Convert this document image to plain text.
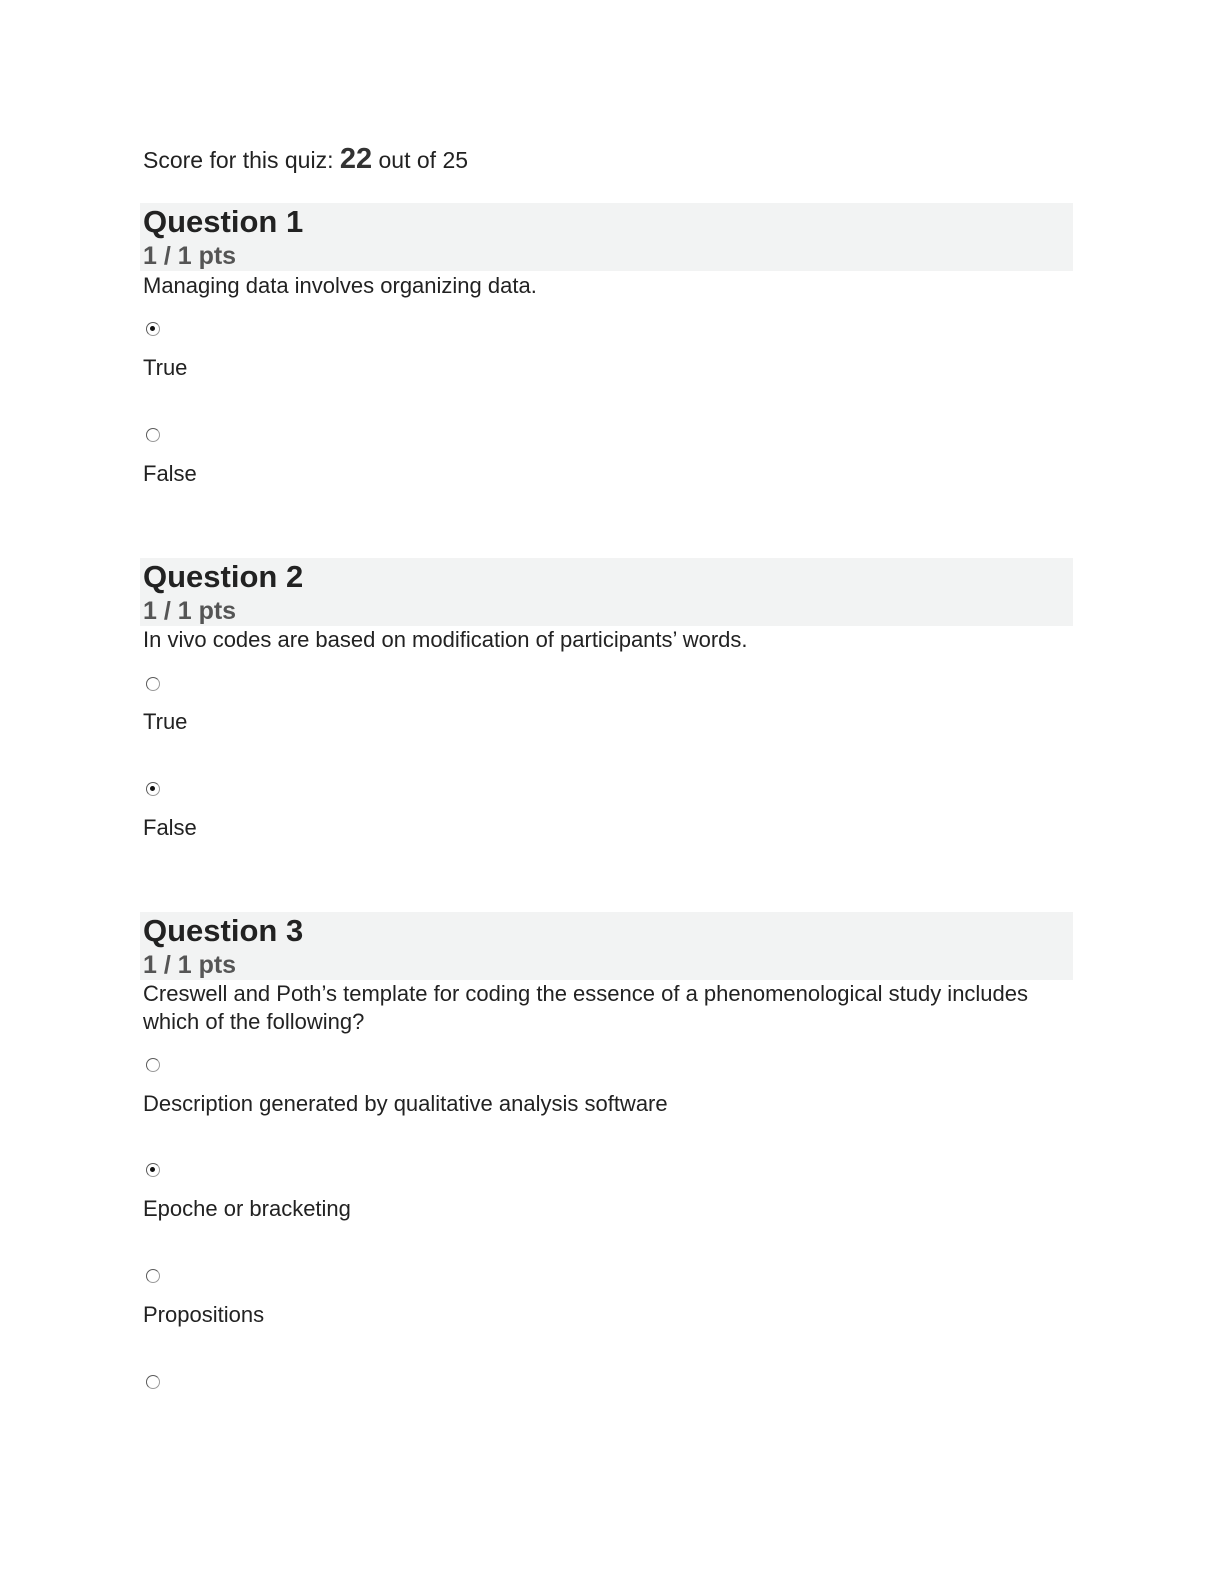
Score for this quiz: 22 out of 25
Question 1
1 / 1 pts
Managing data involves organizing data.
True
False
Question 2
1 / 1 pts
In vivo codes are based on modification of participants’ words.
True
False
Question 3
1 / 1 pts
Creswell and Poth’s template for coding the essence of a phenomenological study includes which of the following?
Description generated by qualitative analysis software
Epoche or bracketing
Propositions
